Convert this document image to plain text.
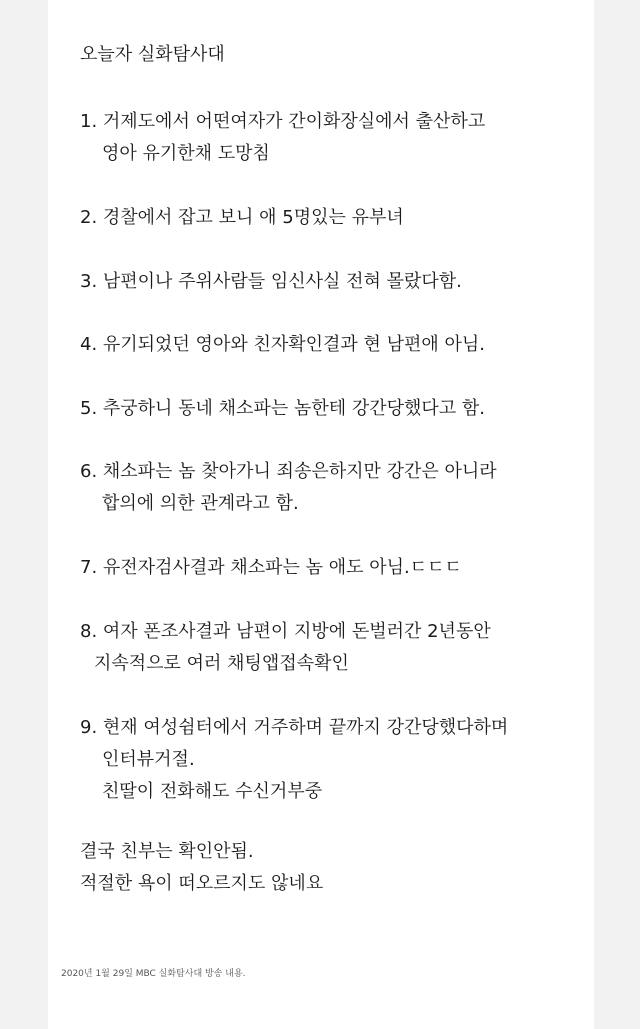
오늘자 실화탐사대
1. 거제도에서 어떤여자가 간이화장실에서 출산하고
영아 유기한채 도망침
2. 경찰에서 잡고 보니 애 5명있는 유부녀
3. 남편이나 주위사람들 임신사실 전혀 몰랐다함.
4. 유기되었던 영아와 친자확인결과 현 남편애 아님.
5. 추궁하니 동네 채소파는 놈한테 강간당했다고 함.
6. 채소파는 놈 찾아가니 죄송은하지만 강간은 아니라
합의에 의한 관계라고 함.
7. 유전자검사결과 채소파는 놈 애도 아님.ㄷㄷㄷ
8. 여자 폰조사결과 남편이 지방에 돈벌러간 2년동안
지속적으로 여러 채팅앱접속확인
9. 현재 여성쉼터에서 거주하며 끝까지 강간당했다하며
인터뷰거절.
친딸이 전화해도 수신거부중
결국 친부는 확인안됨.
적절한 욕이 떠오르지도 않네요
2020년 1월 29일 MBC 실화탐사대 방송 내용.
